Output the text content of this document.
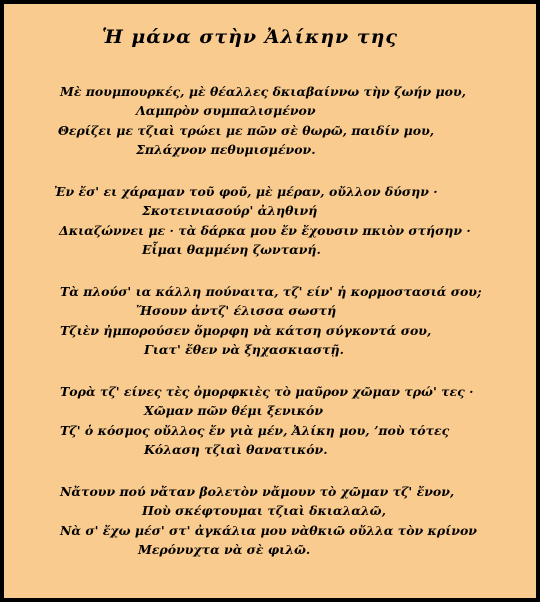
Ἡ μάνα στὴν Ἀλίκην της
Μὲ πουμπουρκές, μὲ θέαλλες δκιαβαίννω τὴν ζωήν μου,
Λαμπρὸν συμπαλισμένον
Θερίζει με τζιαὶ τρώει με πῶν σὲ θωρῶ, παιδίν μου,
Σπλάχνον πεθυμισμένον.
Ἐν ἔσ' ει χάραμαν τοῦ φοῦ, μὲ μέραν, οὔλλον δύσην ·
Σκοτεινιασούρ' ἀληθινή
Δκιαζώννει με · τὰ δάρκα μου ἔν ἔχουσιν πκιὸν στήσην ·
Εἶμαι θαμμένη ζωντανή.
Τὰ πλούσ' ια κάλλη πούναιτα, τζ' είν' ἡ κορμοστασιά σου;
Ἤσουν ἀντζ' έλισσα σωστή
Τζιὲν ἠμπορούσεν ὄμορφη νὰ κάτση σύγκοντά σου,
Γιατ' ἔθεν νὰ ξηχασκιαστῇ.
Τορὰ τζ' είνες τὲς ὀμορφκιὲς τὸ μαῦρον χῶμαν τρώ' τες ·
Χῶμαν πῶν θέμι ξενικόν
Τζ' ὁ κόσμος οὔλλος ἔν γιὰ μέν, Ἀλίκη μου, ʼποὺ τότες
Κόλαση τζιαὶ θανατικόν.
Νἄτουν πού νἄταν βολετὸν νἄμουν τὸ χῶμαν τζ' ἔνον,
Ποὺ σκέφτουμαι τζιαὶ δκιαλαλῶ,
Νὰ σ' ἔχω μέσ' στ' ἀγκάλια μου νὰθκιῶ οὔλλα τὸν κρίνον
Μερόνυχτα νὰ σὲ φιλῶ.
